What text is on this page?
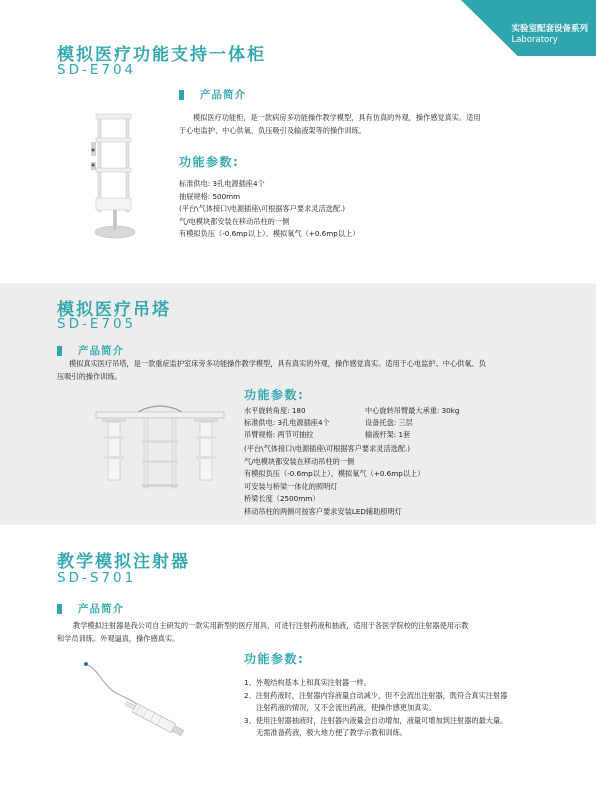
实验室配套设备系列
Laboratory
模拟医疗功能支持一体柜
SD-E704
产品简介
模拟医疗功能柜，是一款病房多功能操作教学模型，具有仿真的外观，操作感觉真实。适用
于心电监护、中心供氧、负压吸引及输液架等的操作训练。
功能参数:
标准供电: 3孔电源插座4个
抽屉规格: 500mm
(平台\气体接口\电源插座\可根据客户要求灵活选配.)
气/电模块都安装在移动吊柱的一侧
有模拟负压（-0.6mp以上）、模拟氧气（+0.6mp以上）
模拟医疗吊塔
SD-E705
产品简介
模拟真实医疗吊塔，是一款重症监护室床旁多功能操作教学模型，具有真实的外观，操作感觉真实。适用于心电监护、中心供氧、负
压吸引的操作训练。
功能参数:
水平旋转角度: 180	中心旋转吊臂最大承重: 30kg
标准供电: 3孔电源插座4个	设备托盘: 三层
吊臂规格: 两节可抽拉	输液杆架: 1套
(平台\气体接口\电源插座\可根据客户要求灵活选配.)
气/电模块都安装在移动吊柱的一侧
有模拟负压（-0.6mp以上）、模拟氧气（+0.6mp以上）
可安装与桥梁一体化的照明灯
桥梁长度（2500mm）
移动吊柱的两侧可按客户要求安装LED辅助照明灯
教学模拟注射器
SD-S701
产品简介
教学模拟注射器是我公司自主研发的一款实用新型的医疗用具，可进行注射药液和抽液，适用于各医学院校的注射器使用示教
和学员训练。外观逼真，操作感真实。
功能参数:
1、外观结构基本上和真实注射器一样。
2、注射药液时，注射器内容液量自动减少，但不会流出注射器，既符合真实注射器
注射药液的情况，又不会流出药液，使操作感更加真实。
3、使用注射器抽液时，注射器内液量会自动增加，液量可增加到注射器的最大量。
无需准备药液，极大地方便了教学示教和训练。
